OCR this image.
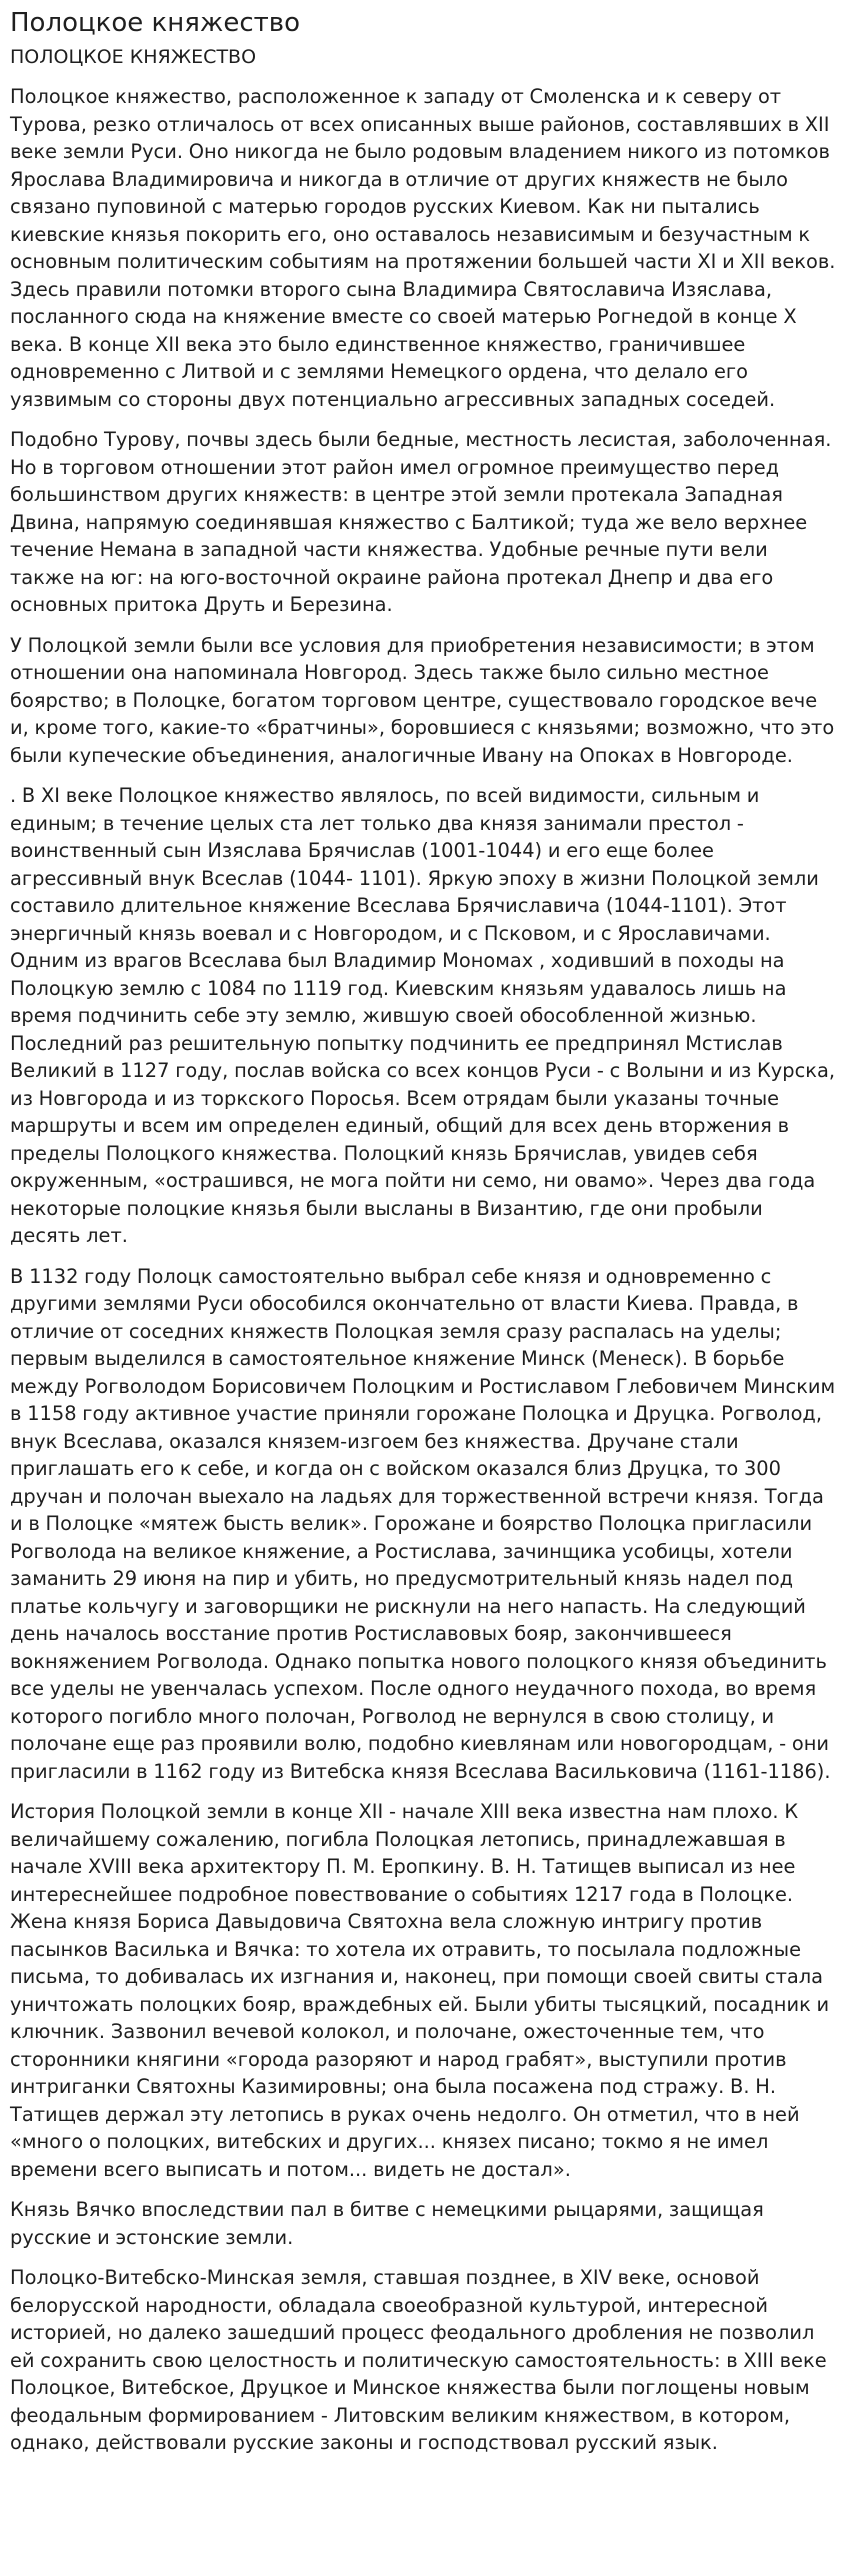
Полоцкое княжество
ПОЛОЦКОЕ КНЯЖЕСТВО

Полоцкое княжество, расположенное к западу от Смоленска и к северу от Турова, резко отличалось от всех описанных выше районов, составлявших в XII веке земли Руси. Оно никогда не было родовым владением никого из потомков Ярослава Владимировича и никогда в отличие от других княжеств не было связано пуповиной с матерью городов русских Киевом. Как ни пытались киевские князья покорить его, оно оставалось независимым и безучастным к основным политическим событиям на протяжении большей части XI и XII веков. Здесь правили потомки второго сына Владимира Святославича Изяслава, посланного сюда на княжение вместе со своей матерью Рогнедой в конце Х века. В конце XII века это было единственное княжество, граничившее одновременно с Литвой и с землями Немецкого ордена, что делало его уязвимым со стороны двух потенциально агрессивных западных соседей.

Подобно Турову, почвы здесь были бедные, местность лесистая, заболоченная. Но в торговом отношении этот район имел огромное преимущество перед большинством других княжеств: в центре этой земли протекала Западная Двина, напрямую соединявшая княжество с Балтикой; туда же вело верхнее течение Немана в западной части княжества. Удобные речные пути вели также на юг: на юго-восточной окраине района протекал Днепр и два его основных притока Друть и Березина.

У Полоцкой земли были все условия для приобретения независимости; в этом отношении она напоминала Новгород. Здесь также было сильно местное боярство; в Полоцке, богатом торговом центре, существовало городское вече и, кроме того, какие-то «братчины», боровшиеся с князьями; возможно, что это были купеческие объединения, аналогичные Ивану на Опоках в Новгороде.

. В XI веке Полоцкое княжество являлось, по всей видимости, сильным и единым; в течение целых ста лет только два князя занимали престол - воинственный сын Изяслава Брячислав (1001-1044) и его еще более агрессивный внук Всеслав (1044- 1101). Яркую эпоху в жизни Полоцкой земли составило длительное княжение Всеслава Брячиславича (1044-1101). Этот энергичный князь воевал и с Новгородом, и с Псковом, и с Ярославичами. Одним из врагов Всеслава был Владимир Мономах , ходивший в походы на Полоцкую землю с 1084 по 1119 год. Киевским князьям удавалось лишь на время подчинить себе эту землю, жившую своей обособленной жизнью. Последний раз решительную попытку подчинить ее предпринял Мстислав Великий в 1127 году, послав войска со всех концов Руси - с Волыни и из Курска, из Новгорода и из торкского Поросья. Всем отрядам были указаны точные маршруты и всем им определен единый, общий для всех день вторжения в пределы Полоцкого княжества. Полоцкий князь Брячислав, увидев себя окруженным, «острашився, не могa пойти ни семо, ни овамо». Через два года некоторые полоцкие князья были высланы в Византию, где они пробыли десять лет.

В 1132 году Полоцк самостоятельно выбрал себе князя и одновременно с другими землями Руси обособился окончательно от власти Киева. Правда, в отличие от соседних княжеств Полоцкая земля сразу распалась на уделы; первым выделился в самостоятельное княжение Минск (Менеск). В борьбе между Рогволодом Борисовичем Полоцким и Ростиславом Глебовичем Минским в 1158 году активное участие приняли горожане Полоцка и Друцка. Рогволод, внук Всеслава, оказался князем-изгоем без княжества. Дручане стали приглашать его к себе, и когда он с войском оказался близ Друцка, то 300 дручан и полочан выехало на ладьях для торжественной встречи князя. Тогда и в Полоцке «мятеж бысть велик». Горожане и боярство Полоцка пригласили Рогволода на великое княжение, а Ростислава, зачинщика усобицы, хотели заманить 29 июня на пир и убить, но предусмотрительный князь надел под платье кольчугу и заговорщики не рискнули на него напасть. На следующий день началось восстание против Ростиславовых бояр, закончившееся вокняжением Рогволода. Однако попытка нового полоцкого князя объединить все уделы не увенчалась успехом. После одного неудачного похода, во время которого погибло много полочан, Рогволод не вернулся в свою столицу, и полочане еще раз проявили волю, подобно киевлянам или новогородцам, - они пригласили в 1162 году из Витебска князя Всеслава Васильковича (1161-1186).

История Полоцкой земли в конце XII - начале XIII века известна нам плохо. К величайшему сожалению, погибла Полоцкая летопись, принадлежавшая в начале XVIII века архитектору П. М. Еропкину. В. Н. Татищев выписал из нее интереснейшее подробное повествование о событиях 1217 года в Полоцке. Жена князя Бориса Давыдовича Святохна вела сложную интригу против пасынков Василька и Вячка: то хотела их отравить, то посылала подложные письма, то добивалась их изгнания и, наконец, при помощи своей свиты стала уничтожать полоцких бояр, враждебных ей. Были убиты тысяцкий, посадник и ключник. Зазвонил вечевой колокол, и полочане, ожесточенные тем, что сторонники княгини «города разоряют и народ грабят», выступили против интриганки Святохны Казимировны; она была посажена под стражу. В. Н. Татищев держал эту летопись в руках очень недолго. Он отметил, что в ней «много о полоцких, витебских и других... князех писано; токмо я не имел времени всего выписать и потом... видеть не достал».

Князь Вячко впоследствии пал в битве с немецкими рыцарями, защищая русские и эстонские земли.

Полоцко-Витебско-Минская земля, ставшая позднее, в XIV веке, основой белорусской народности, обладала своеобразной культурой, интересной историей, но далеко зашедший процесс феодального дробления не позволил ей сохранить свою целостность и политическую самостоятельность: в XIII веке Полоцкое, Витебское, Друцкое и Минское княжества были поглощены новым феодальным формированием - Литовским великим княжеством, в котором, однако, действовали русские законы и господствовал русский язык.
